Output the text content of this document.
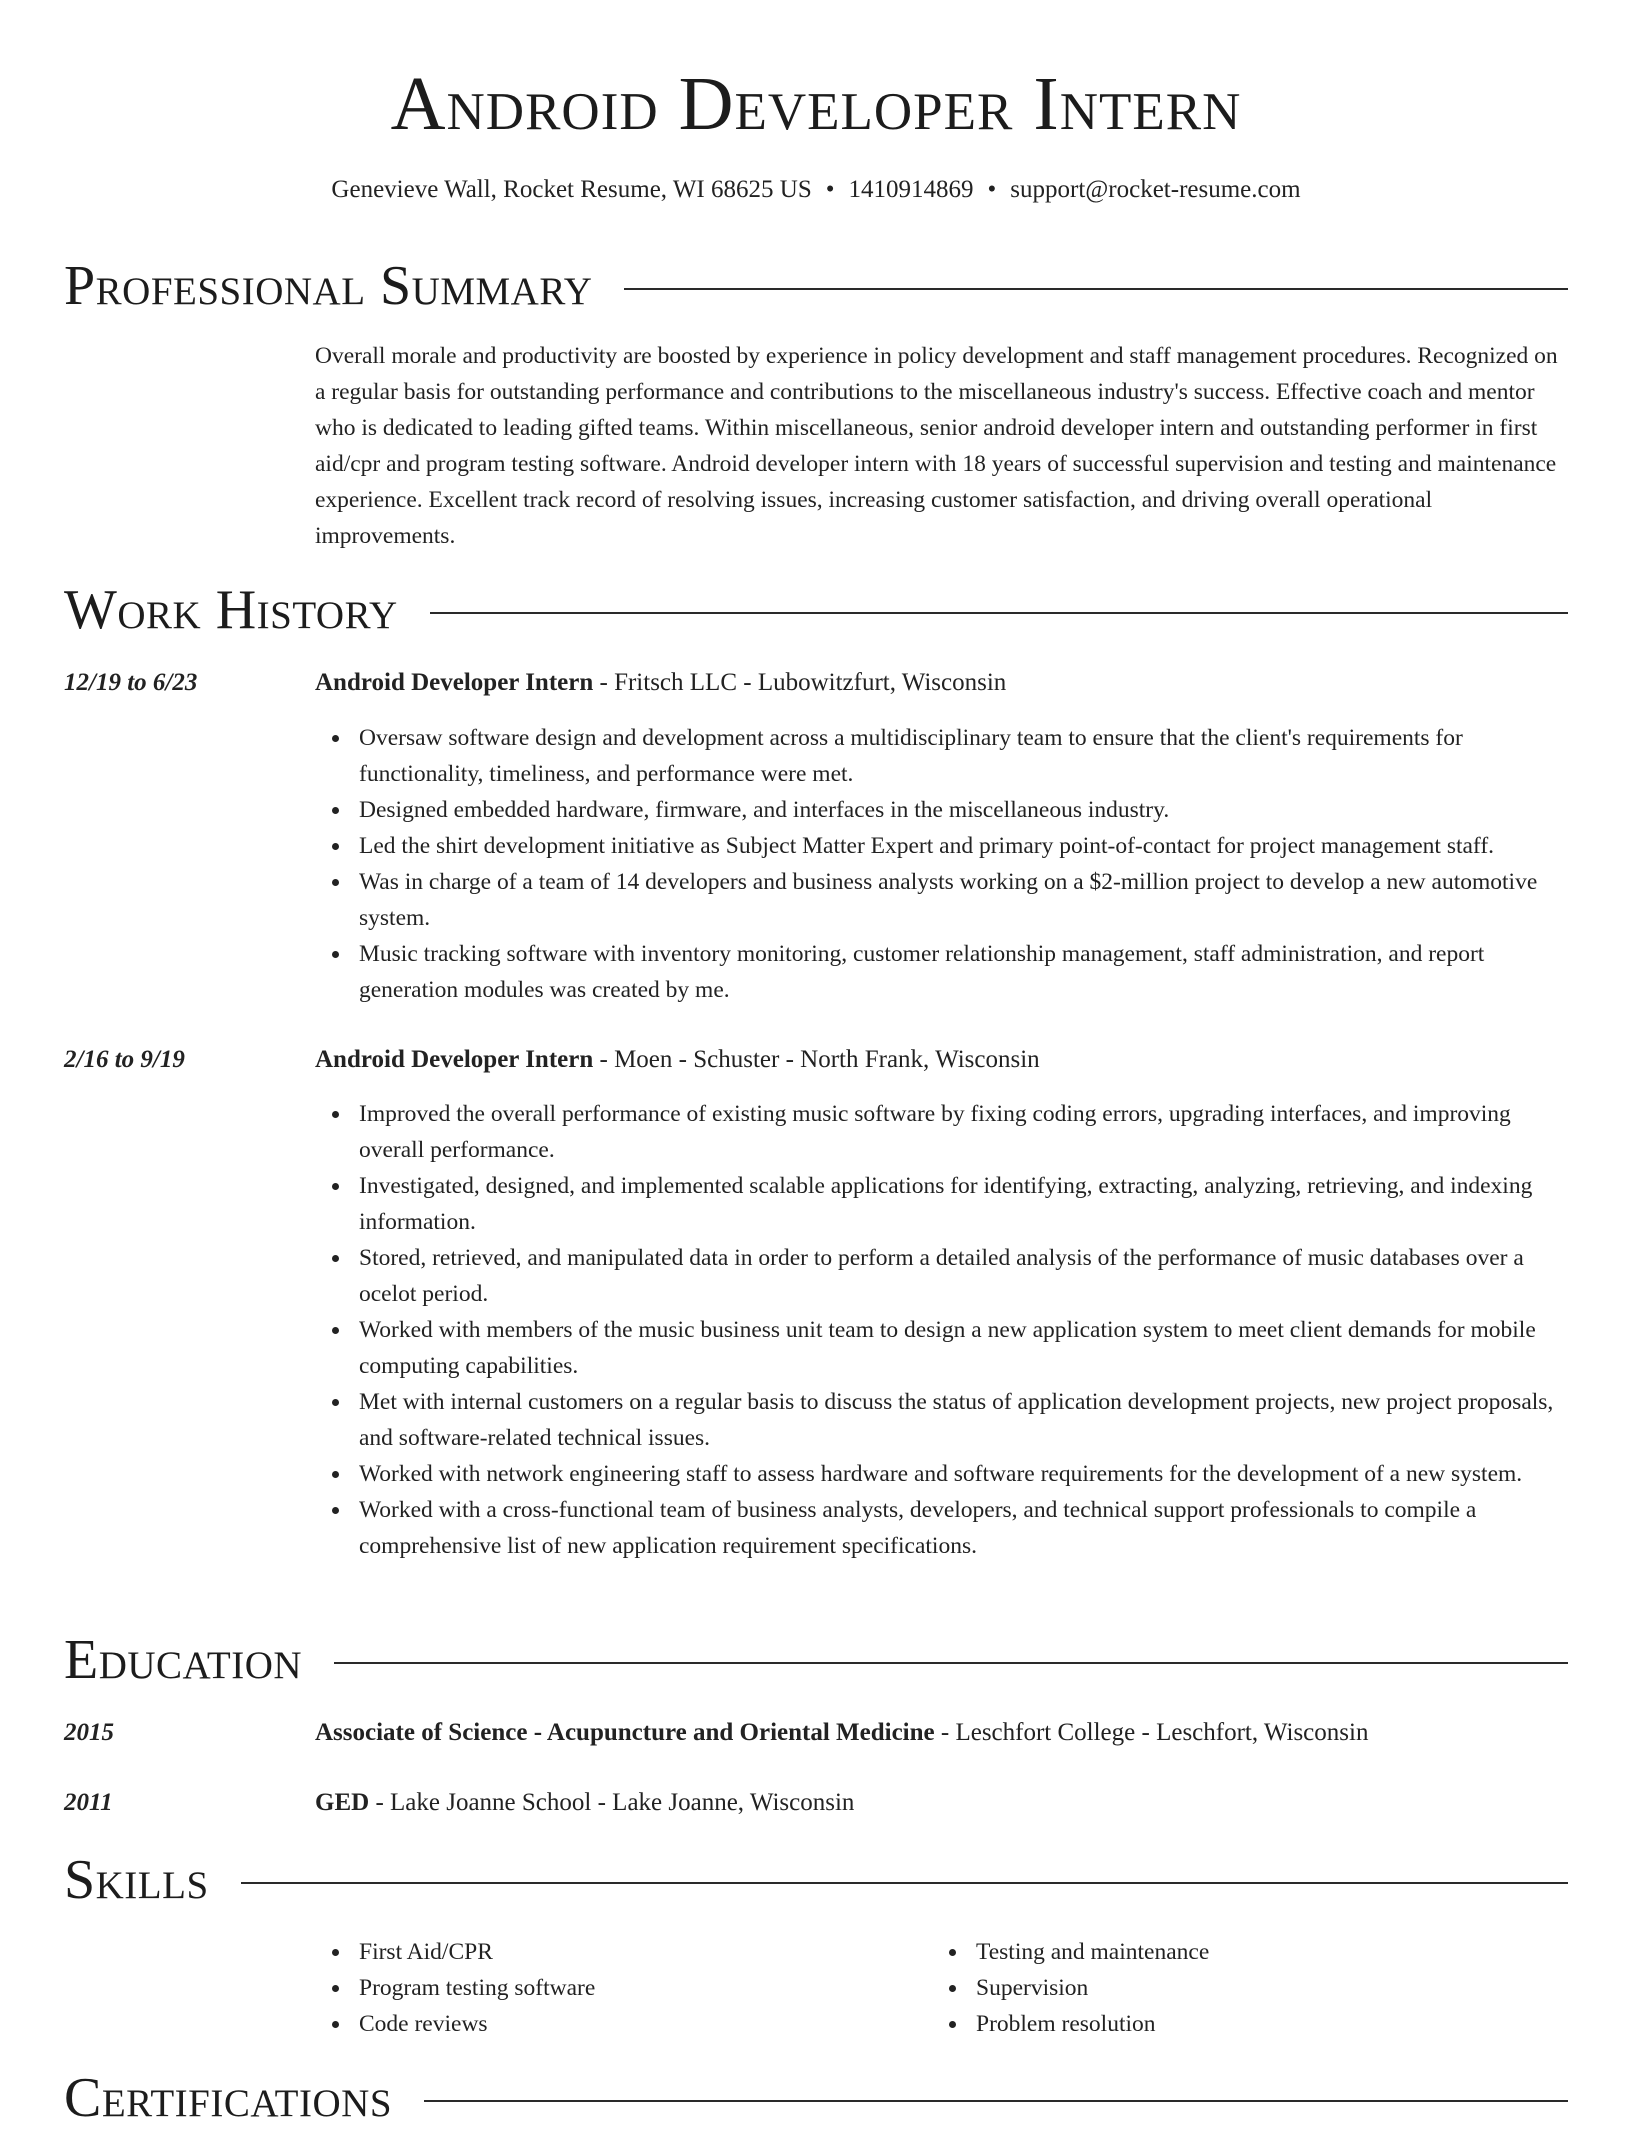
Android Developer Intern
Genevieve Wall, Rocket Resume, WI 68625 US • 1410914869 • support@rocket-resume.com
Professional Summary
Overall morale and productivity are boosted by experience in policy development and staff management procedures. Recognized on a regular basis for outstanding performance and contributions to the miscellaneous industry's success. Effective coach and mentor who is dedicated to leading gifted teams. Within miscellaneous, senior android developer intern and outstanding performer in first aid/cpr and program testing software. Android developer intern with 18 years of successful supervision and testing and maintenance experience. Excellent track record of resolving issues, increasing customer satisfaction, and driving overall operational improvements.
Work History
12/19 to 6/23	Android Developer Intern - Fritsch LLC - Lubowitzfurt, Wisconsin
Oversaw software design and development across a multidisciplinary team to ensure that the client's requirements for functionality, timeliness, and performance were met.
Designed embedded hardware, firmware, and interfaces in the miscellaneous industry.
Led the shirt development initiative as Subject Matter Expert and primary point-of-contact for project management staff.
Was in charge of a team of 14 developers and business analysts working on a $2-million project to develop a new automotive system.
Music tracking software with inventory monitoring, customer relationship management, staff administration, and report generation modules was created by me.
2/16 to 9/19	Android Developer Intern - Moen - Schuster - North Frank, Wisconsin
Improved the overall performance of existing music software by fixing coding errors, upgrading interfaces, and improving overall performance.
Investigated, designed, and implemented scalable applications for identifying, extracting, analyzing, retrieving, and indexing information.
Stored, retrieved, and manipulated data in order to perform a detailed analysis of the performance of music databases over a ocelot period.
Worked with members of the music business unit team to design a new application system to meet client demands for mobile computing capabilities.
Met with internal customers on a regular basis to discuss the status of application development projects, new project proposals, and software-related technical issues.
Worked with network engineering staff to assess hardware and software requirements for the development of a new system.
Worked with a cross-functional team of business analysts, developers, and technical support professionals to compile a comprehensive list of new application requirement specifications.
Education
2015	Associate of Science - Acupuncture and Oriental Medicine - Leschfort College - Leschfort, Wisconsin
2011	GED - Lake Joanne School - Lake Joanne, Wisconsin
Skills
First Aid/CPR
Program testing software
Code reviews
Testing and maintenance
Supervision
Problem resolution
Certifications
